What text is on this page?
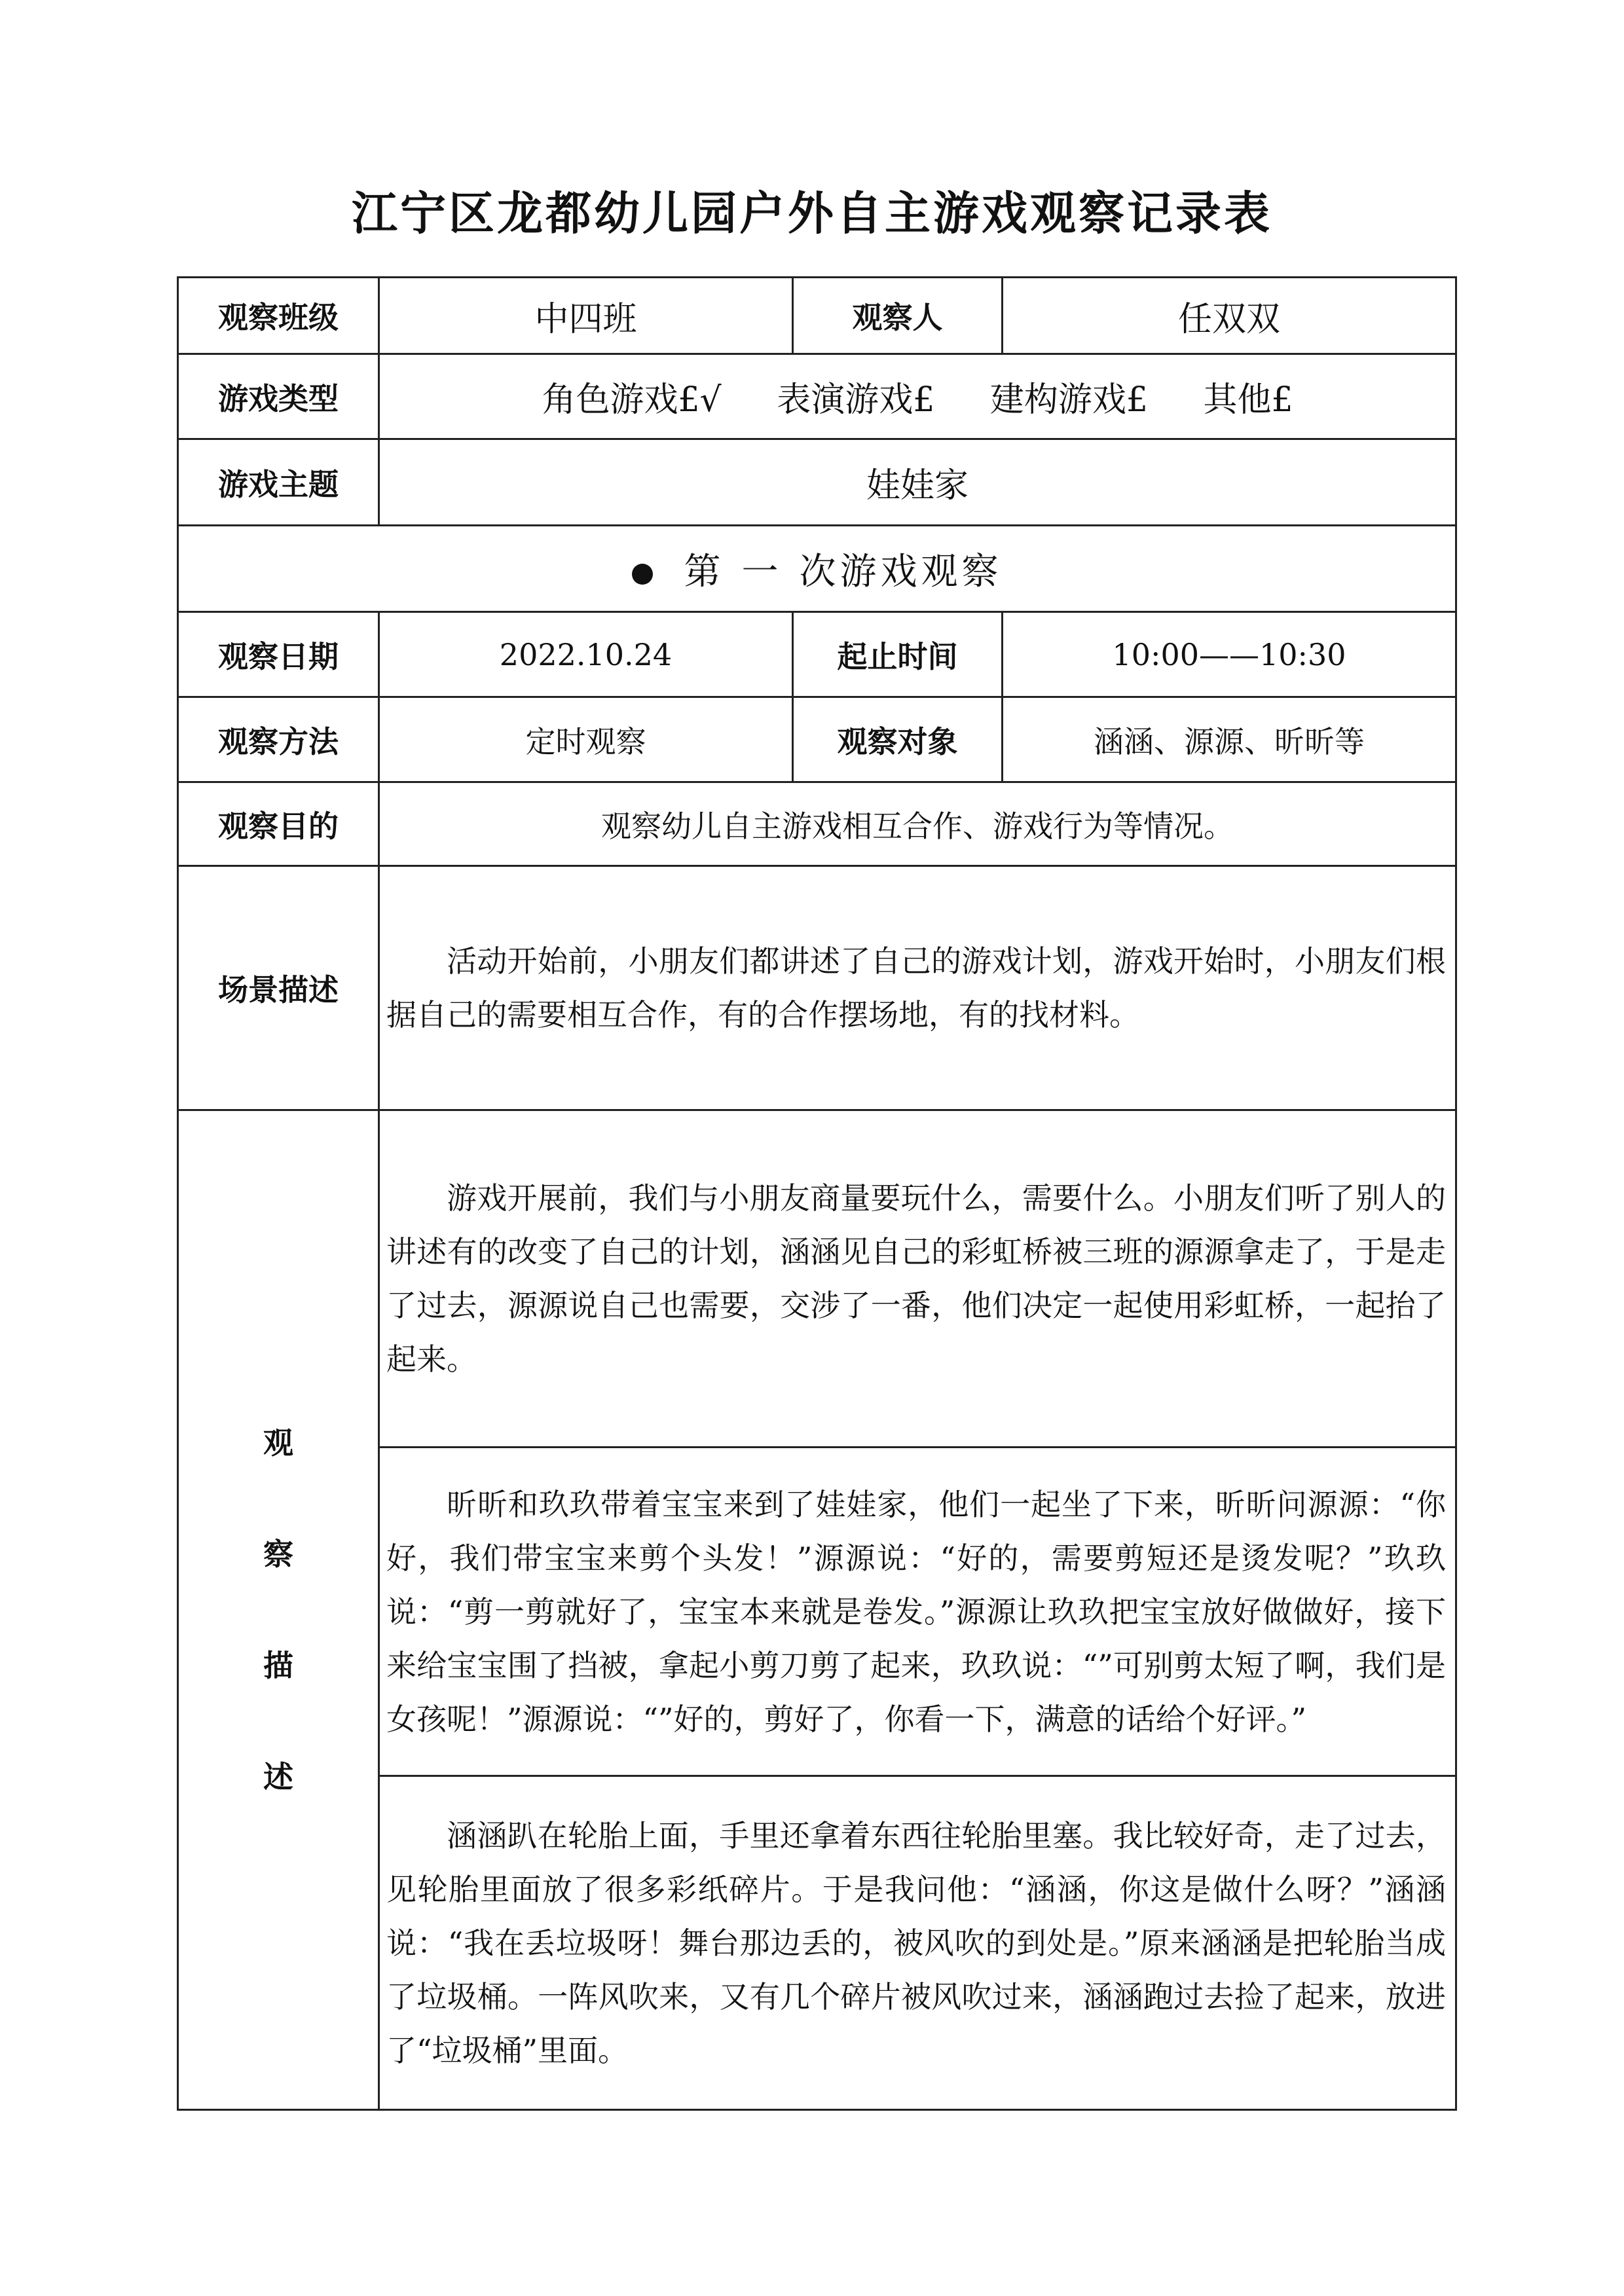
江宁区龙都幼儿园户外自主游戏观察记录表
观察班级	中四班	观察人	任双双
游戏类型	角色游戏£√ 表演游戏£ 建构游戏£ 其他£		
游戏主题	娃娃家		
第 一 次游戏观察			
观察日期	2022.10.24	起止时间	10:00——10:30
观察方法	定时观察	观察对象	涵涵、源源、昕昕等
观察目的	观察幼儿自主游戏相互合作、游戏行为等情况。		
场景描述	活动开始前，小朋友们都讲述了自己的游戏计划，游戏开始时，小朋友们根据自己的需要相互合作，有的合作摆场地，有的找材料。		

观
察
描
述	游戏开展前，我们与小朋友商量要玩什么，需要什么。小朋友们听了别人的讲述有的改变了自己的计划，涵涵见自己的彩虹桥被三班的源源拿走了，于是走了过去，源源说自己也需要，交涉了一番，他们决定一起使用彩虹桥，一起抬了起来。		

	昕昕和玖玖带着宝宝来到了娃娃家，他们一起坐了下来，昕昕问源源：“你好，我们带宝宝来剪个头发！”源源说：“好的，需要剪短还是烫发呢？”玖玖说：“剪一剪就好了，宝宝本来就是卷发。”源源让玖玖把宝宝放好做做好，接下来给宝宝围了挡被，拿起小剪刀剪了起来，玖玖说：“”可别剪太短了啊，我们是女孩呢！”源源说：“”好的，剪好了，你看一下，满意的话给个好评。”		

	涵涵趴在轮胎上面，手里还拿着东西往轮胎里塞。我比较好奇，走了过去，见轮胎里面放了很多彩纸碎片。于是我问他：“涵涵，你这是做什么呀？”涵涵说：“我在丢垃圾呀！舞台那边丢的，被风吹的到处是。”原来涵涵是把轮胎当成了垃圾桶。一阵风吹来，又有几个碎片被风吹过来，涵涵跑过去捡了起来，放进了“垃圾桶”里面。		
